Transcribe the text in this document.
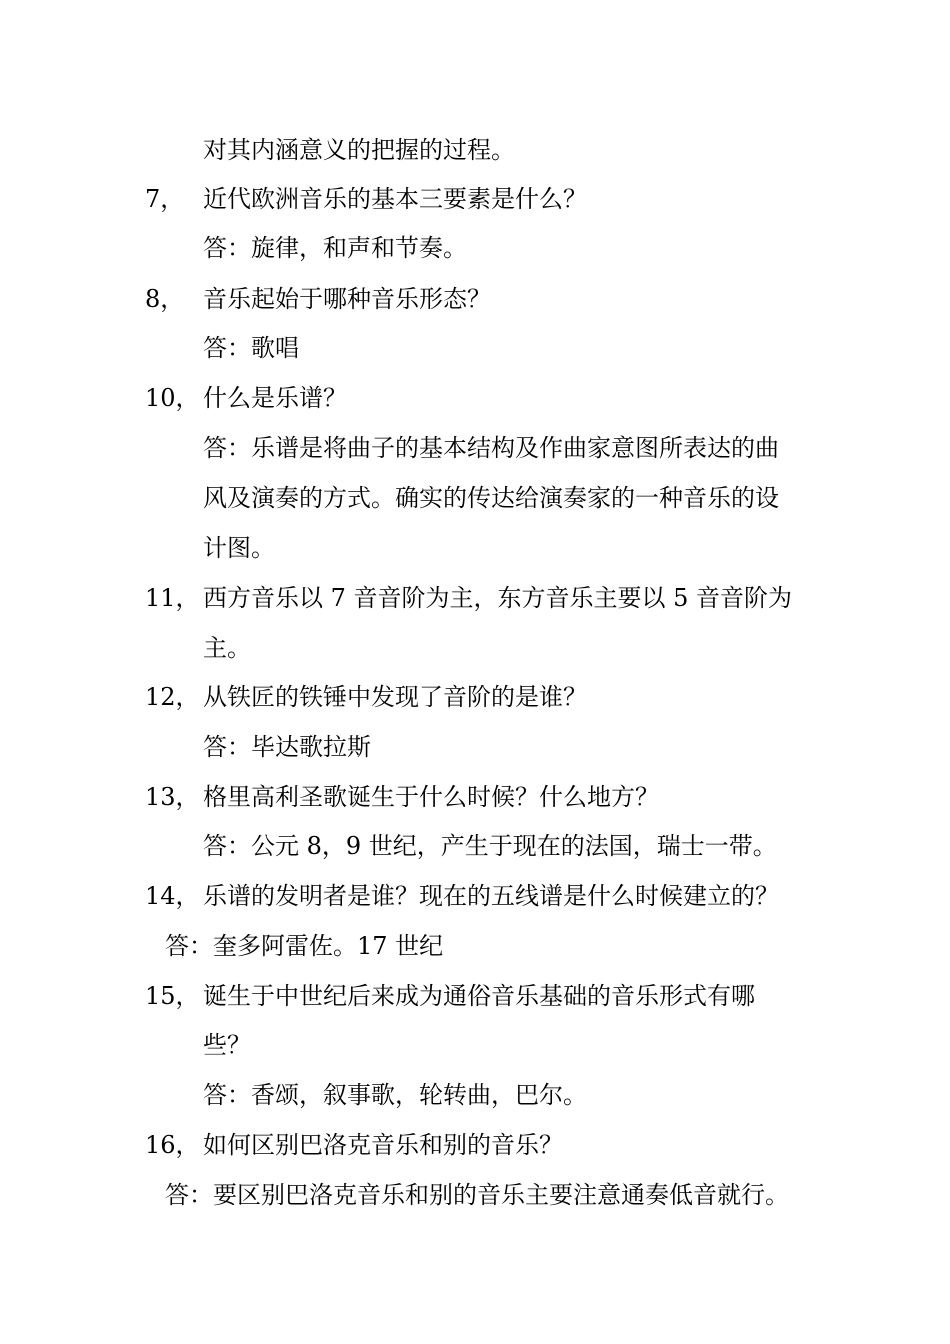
对其内涵意义的把握的过程。
7， 近代欧洲音乐的基本三要素是什么？
答：旋律，和声和节奏。
8， 音乐起始于哪种音乐形态？
答：歌唱
10， 什么是乐谱？
答：乐谱是将曲子的基本结构及作曲家意图所表达的曲
风及演奏的方式。确实的传达给演奏家的一种音乐的设
计图。
11， 西方音乐以 7 音音阶为主，东方音乐主要以 5 音音阶为
主。
12， 从铁匠的铁锤中发现了音阶的是谁？
答：毕达歌拉斯
13， 格里高利圣歌诞生于什么时候？什么地方？
答：公元 8，9 世纪，产生于现在的法国，瑞士一带。
14， 乐谱的发明者是谁？现在的五线谱是什么时候建立的？
答：奎多阿雷佐。17 世纪
15， 诞生于中世纪后来成为通俗音乐基础的音乐形式有哪
些？
答：香颂，叙事歌，轮转曲，巴尔。
16， 如何区别巴洛克音乐和别的音乐？
答：要区别巴洛克音乐和别的音乐主要注意通奏低音就行。
